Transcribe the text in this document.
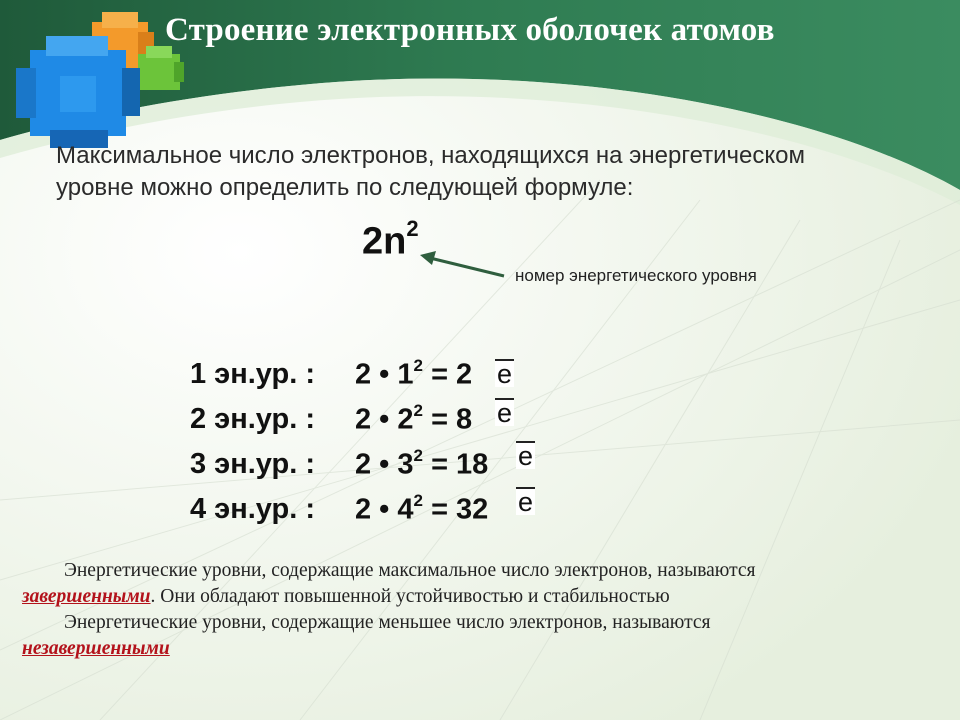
Строение электронных оболочек атомов
Максимальное число электронов, находящихся на энергетическом уровне можно определить по следующей формуле:
$2n^2$
номер энергетического уровня
1 эн.ур. : 2 • $1^2 = 2$ e
2 эн.ур. : 2 • $2^2 = 8$ e
3 эн.ур. : 2 • $3^2 = 18$ e
4 эн.ур. : 2 • $4^2 = 32$ e

Энергетические уровни, содержащие максимальное число электронов, называются

завершенными. Они обладают повышенной устойчивостью и стабильностью

Энергетические уровни, содержащие меньшее число электронов, называются

незавершенными
